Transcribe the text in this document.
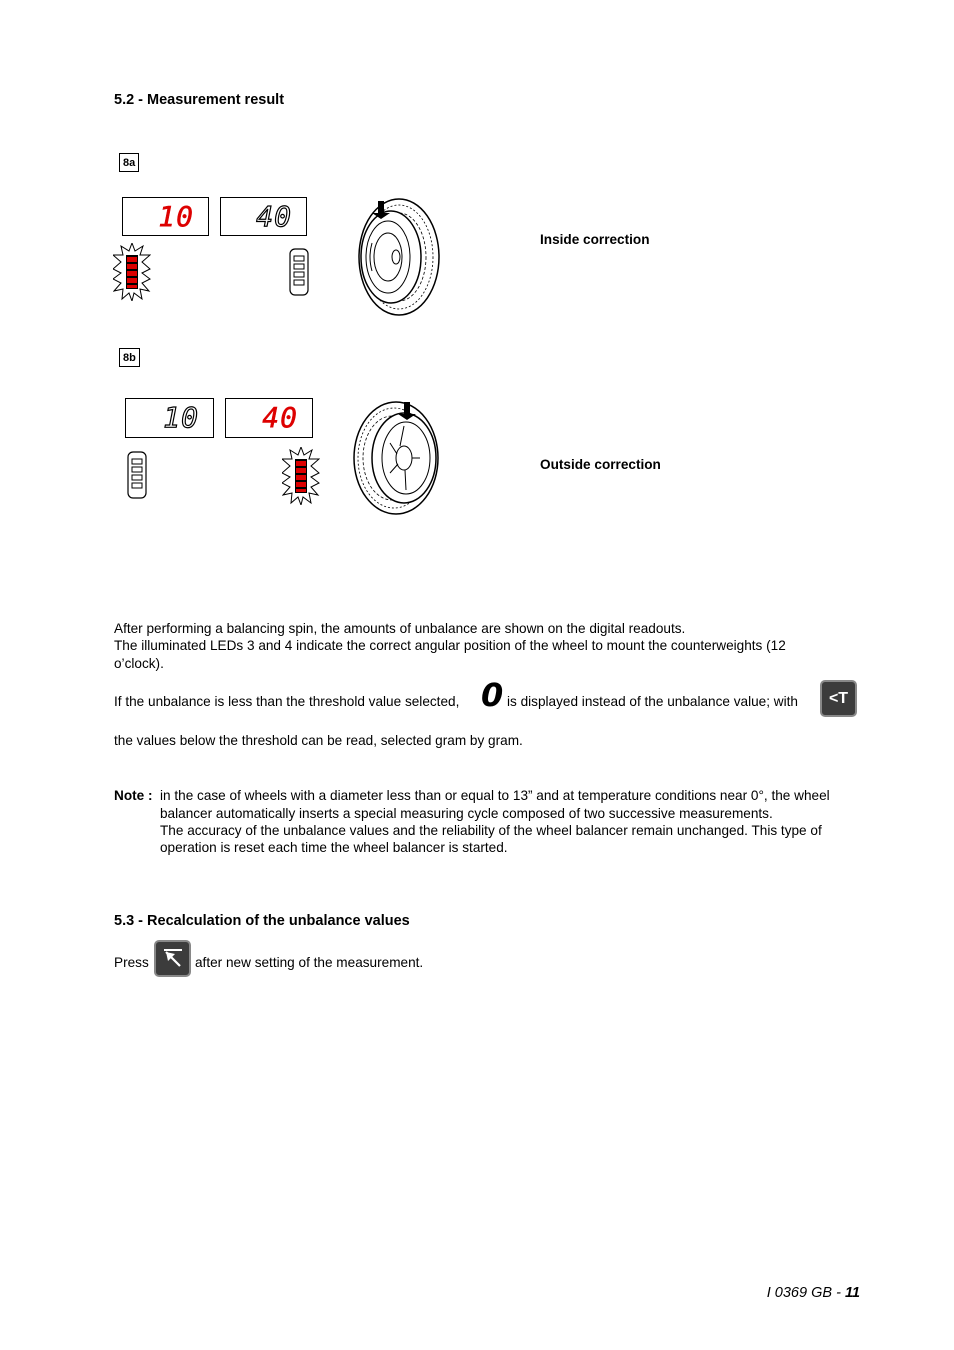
5.2 - Measurement result
8a
10 40
Inside correction
8b
10 40
Outside correction
After performing a balancing spin, the amounts of unbalance are shown on the digital readouts.
The illuminated LEDs 3 and 4 indicate the correct angular position of the wheel to mount the counterweights (12
o’clock).
If the unbalance is less than the threshold value selected, 0 is displayed instead of the unbalance value; with <T
the values below the threshold can be read, selected gram by gram.
Note : in the case of wheels with a diameter less than or equal to 13” and at temperature conditions near 0°, the wheel
balancer automatically inserts a special measuring cycle composed of two successive measurements.
The accuracy of the unbalance values and the reliability of the wheel balancer remain unchanged. This type of
operation is reset each time the wheel balancer is started.
5.3 - Recalculation of the unbalance values
Press	after new setting of the measurement.
I 0369 GB - 11
